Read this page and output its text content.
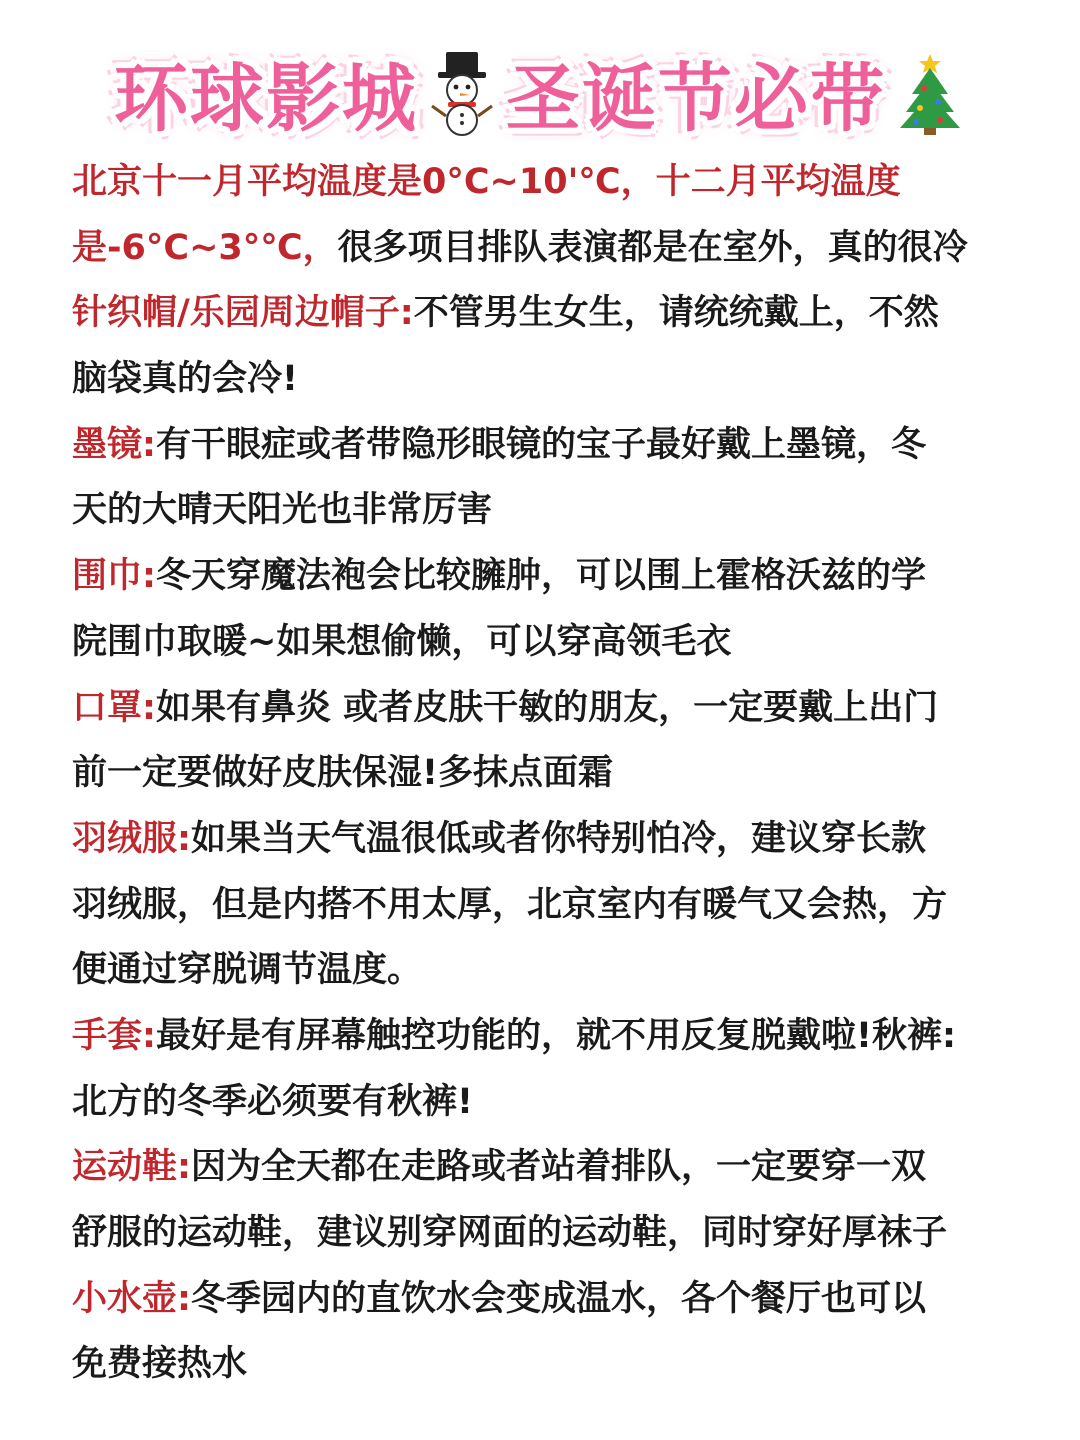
环球影城 圣诞节必带
北京十一月平均温度是0°C~10'℃，十二月平均温度
是-6°C~3°℃，很多项目排队表演都是在室外，真的很冷
针织帽/乐园周边帽子:不管男生女生，请统统戴上，不然
脑袋真的会冷!
墨镜:有干眼症或者带隐形眼镜的宝子最好戴上墨镜，冬
天的大晴天阳光也非常厉害
围巾:冬天穿魔法袍会比较臃肿，可以围上霍格沃兹的学
院围巾取暖~如果想偷懒，可以穿高领毛衣
口罩:如果有鼻炎 或者皮肤干敏的朋友，一定要戴上出门
前一定要做好皮肤保湿!多抹点面霜
羽绒服:如果当天气温很低或者你特别怕冷，建议穿长款
羽绒服，但是内搭不用太厚，北京室内有暖气又会热，方
便通过穿脱调节温度。
手套:最好是有屏幕触控功能的，就不用反复脱戴啦!秋裤:
北方的冬季必须要有秋裤!
运动鞋:因为全天都在走路或者站着排队，一定要穿一双
舒服的运动鞋，建议别穿网面的运动鞋，同时穿好厚袜子
小水壶:冬季园内的直饮水会变成温水，各个餐厅也可以
免费接热水
